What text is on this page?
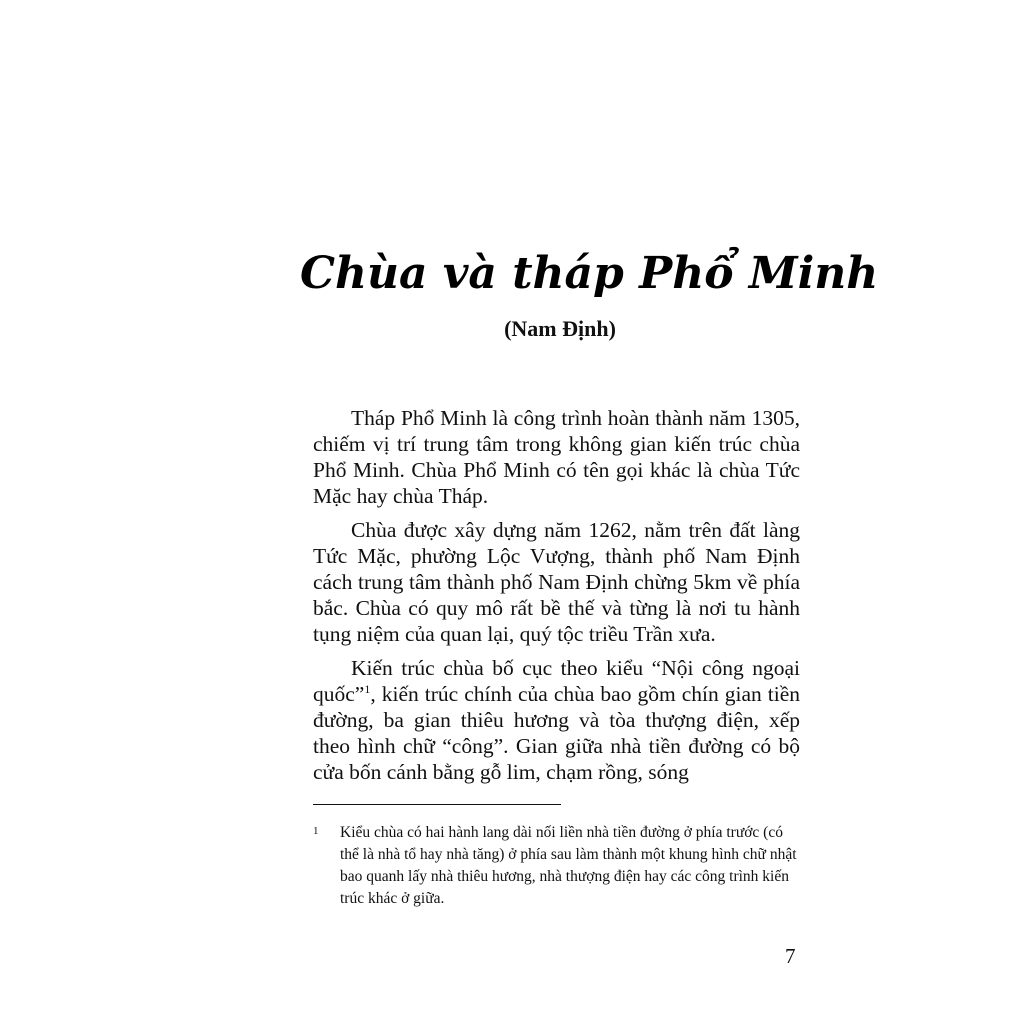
Chùa và tháp Phổ Minh
(Nam Định)

Tháp Phổ Minh là công trình hoàn thành năm 1305, chiếm vị trí trung tâm trong không gian kiến trúc chùa Phổ Minh. Chùa Phổ Minh có tên gọi khác là chùa Tức Mặc hay chùa Tháp.

Chùa được xây dựng năm 1262, nằm trên đất làng Tức Mặc, phường Lộc Vượng, thành phố Nam Định cách trung tâm thành phố Nam Định chừng 5km về phía bắc. Chùa có quy mô rất bề thế và từng là nơi tu hành tụng niệm của quan lại, quý tộc triều Trần xưa.

Kiến trúc chùa bố cục theo kiểu “Nội công ngoại quốc”$^1$, kiến trúc chính của chùa bao gồm chín gian tiền đường, ba gian thiêu hương và tòa thượng điện, xếp theo hình chữ “công”. Gian giữa nhà tiền đường có bộ cửa bốn cánh bằng gỗ lim, chạm rồng, sóng

1	Kiểu chùa có hai hành lang dài nối liền nhà tiền đường ở phía trước (có thể là nhà tổ hay nhà tăng) ở phía sau làm thành một khung hình chữ nhật bao quanh lấy nhà thiêu hương, nhà thượng điện hay các công trình kiến trúc khác ở giữa.
7
